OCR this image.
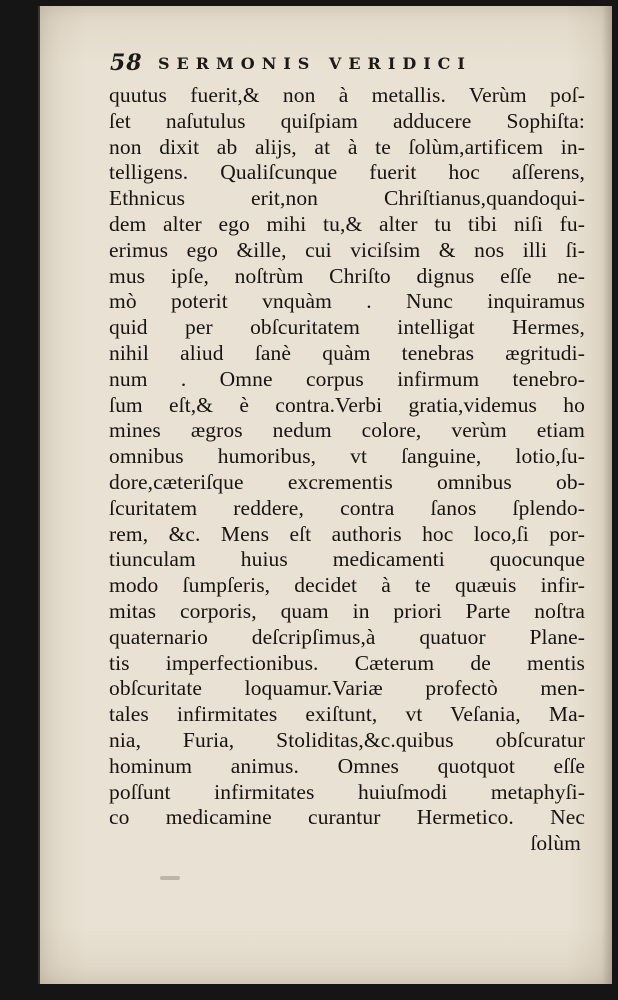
58 SERMONIS VERIDICI
quutus fuerit,& non à metallis. Verùm poſ-
ſet naſutulus quiſpiam adducere Sophiſta:
non dixit ab alijs, at à te ſolùm,artificem in-
telligens. Qualiſcunque fuerit hoc aſſerens,
Ethnicus erit,non Chriſtianus,quandoqui-
dem alter ego mihi tu,& alter tu tibi niſi fu-
erimus ego &ille, cui viciſsim & nos illi ſi-
mus ipſe, noſtrùm Chriſto dignus eſſe ne-
mò poterit vnquàm . Nunc inquiramus
quid per obſcuritatem intelligat Hermes,
nihil aliud ſanè quàm tenebras ægritudi-
num . Omne corpus infirmum tenebro-
ſum eſt,& è contra.Verbi gratia,videmus ho
mines ægros nedum colore, verùm etiam
omnibus humoribus, vt ſanguine, lotio,ſu-
dore,cæteriſque excrementis omnibus ob-
ſcuritatem reddere, contra ſanos ſplendo-
rem, &c. Mens eſt authoris hoc loco,ſi por-
tiunculam huius medicamenti quocunque
modo ſumpſeris, decidet à te quæuis infir-
mitas corporis, quam in priori Parte noſtra
quaternario deſcripſimus,à quatuor Plane-
tis imperfectionibus. Cæterum de mentis
obſcuritate loquamur.Variæ profectò men-
tales infirmitates exiſtunt, vt Veſania, Ma-
nia, Furia, Stoliditas,&c.quibus obſcuratur
hominum animus. Omnes quotquot eſſe
poſſunt infirmitates huiuſmodi metaphyſi-
co medicamine curantur Hermetico. Nec
ſolùm
